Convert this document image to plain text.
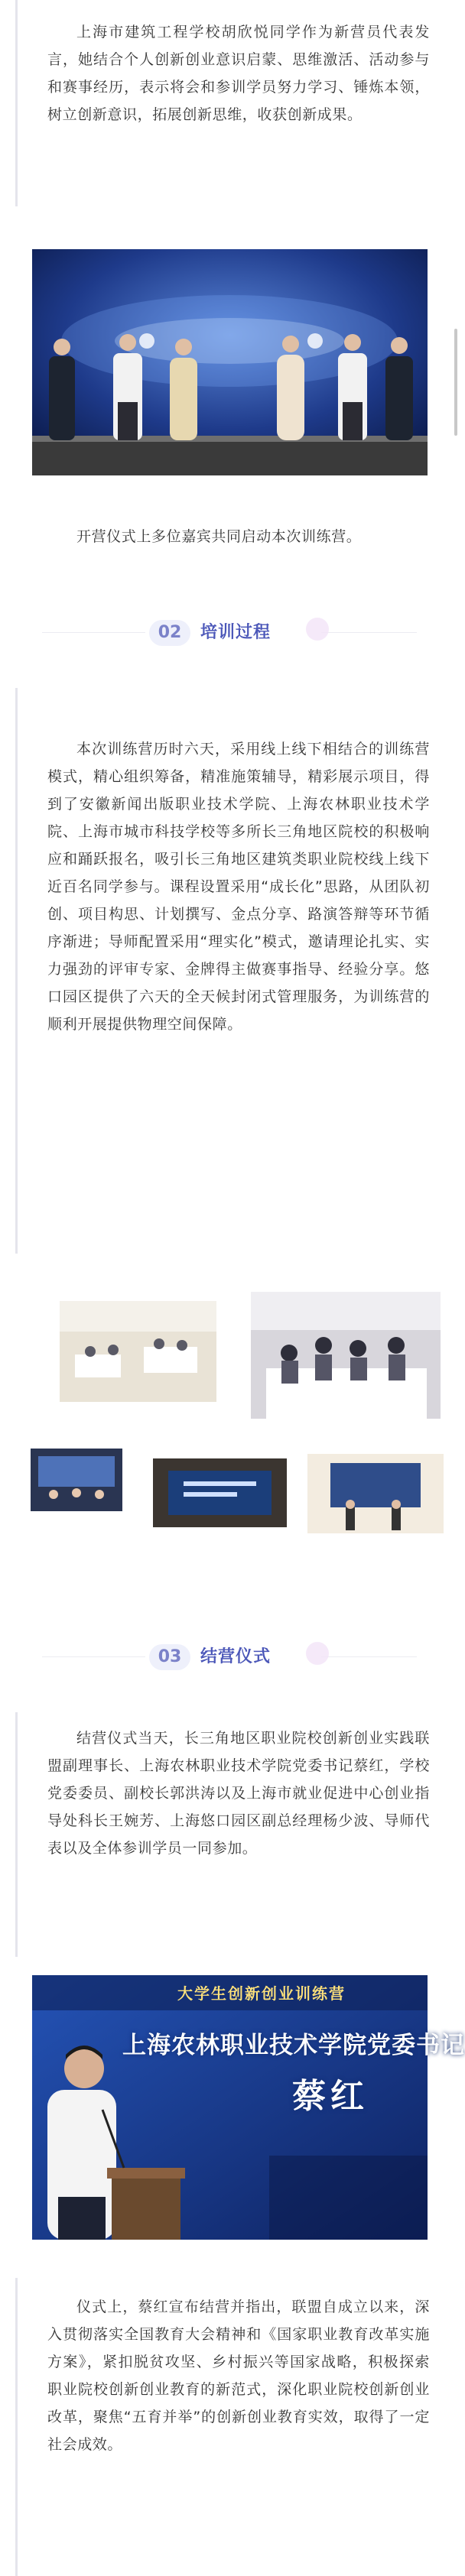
上海市建筑工程学校胡欣悦同学作为新营员代表发言，她结合个人创新创业意识启蒙、思维激活、活动参与和赛事经历，表示将会和参训学员努力学习、锤炼本领，树立创新意识，拓展创新思维，收获创新成果。

开营仪式上多位嘉宾共同启动本次训练营。

02	培训过程

本次训练营历时六天，采用线上线下相结合的训练营模式，精心组织筹备，精准施策辅导，精彩展示项目，得到了安徽新闻出版职业技术学院、上海农林职业技术学院、上海市城市科技学校等多所长三角地区院校的积极响应和踊跃报名，吸引长三角地区建筑类职业院校线上线下近百名同学参与。课程设置采用“成长化”思路，从团队初创、项目构思、计划撰写、金点分享、路演答辩等环节循序渐进；导师配置采用“理实化”模式，邀请理论扎实、实力强劲的评审专家、金牌得主做赛事指导、经验分享。悠口园区提供了六天的全天候封闭式管理服务，为训练营的顺利开展提供物理空间保障。

03	结营仪式

结营仪式当天，长三角地区职业院校创新创业实践联盟副理事长、上海农林职业技术学院党委书记蔡红，学校党委委员、副校长郭洪涛以及上海市就业促进中心创业指导处科长王婉芳、上海悠口园区副总经理杨少波、导师代表以及全体参训学员一同参加。

大学生创新创业训练营
上海农林职业技术学院党委书记
蔡红

仪式上，蔡红宣布结营并指出，联盟自成立以来，深入贯彻落实全国教育大会精神和《国家职业教育改革实施方案》，紧扣脱贫攻坚、乡村振兴等国家战略，积极探索职业院校创新创业教育的新范式，深化职业院校创新创业改革，聚焦“五育并举”的创新创业教育实效，取得了一定社会成效。
